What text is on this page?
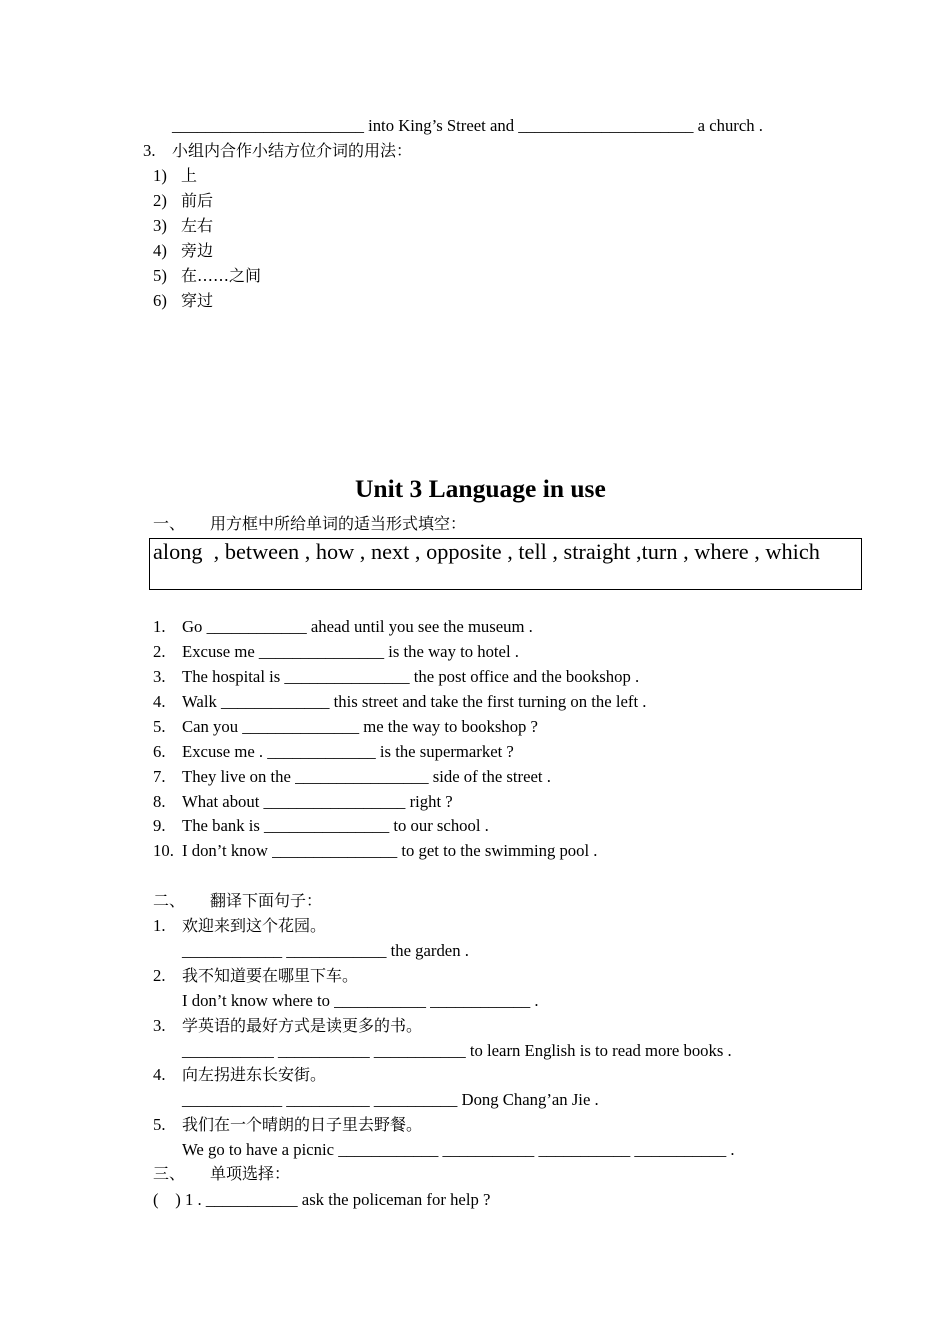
_______________________ into King’s Street and _____________________ a church .
3. 小组内合作小结方位介词的用法：
1) 上
2) 前后
3) 左右
4) 旁边
5) 在……之间
6) 穿过
Unit 3 Language in use
一、 用方框中所给单词的适当形式填空：
along  , between , how , next , opposite , tell , straight ,turn , where , which
1. Go ____________ ahead until you see the museum .
2. Excuse me _______________ is the way to hotel .
3. The hospital is _______________ the post office and the bookshop .
4. Walk _____________ this street and take the first turning on the left .
5. Can you ______________ me the way to bookshop ?
6. Excuse me . _____________ is the supermarket ?
7. They live on the ________________ side of the street .
8. What about _________________ right ?
9. The bank is _______________ to our school .
10. I don’t know _______________ to get to the swimming pool .
二、 翻译下面句子：
1. 欢迎来到这个花园。
____________ ____________ the garden .
2. 我不知道要在哪里下车。
I don’t know where to ___________ ____________ .
3. 学英语的最好方式是读更多的书。
___________ ___________ ___________ to learn English is to read more books .
4. 向左拐进东长安街。
____________ __________ __________ Dong Chang’an Jie .
5. 我们在一个晴朗的日子里去野餐。
We go to have a picnic ____________ ___________ ___________ ___________ .
三、 单项选择：
(    ) 1 . ___________ ask the policeman for help ?
